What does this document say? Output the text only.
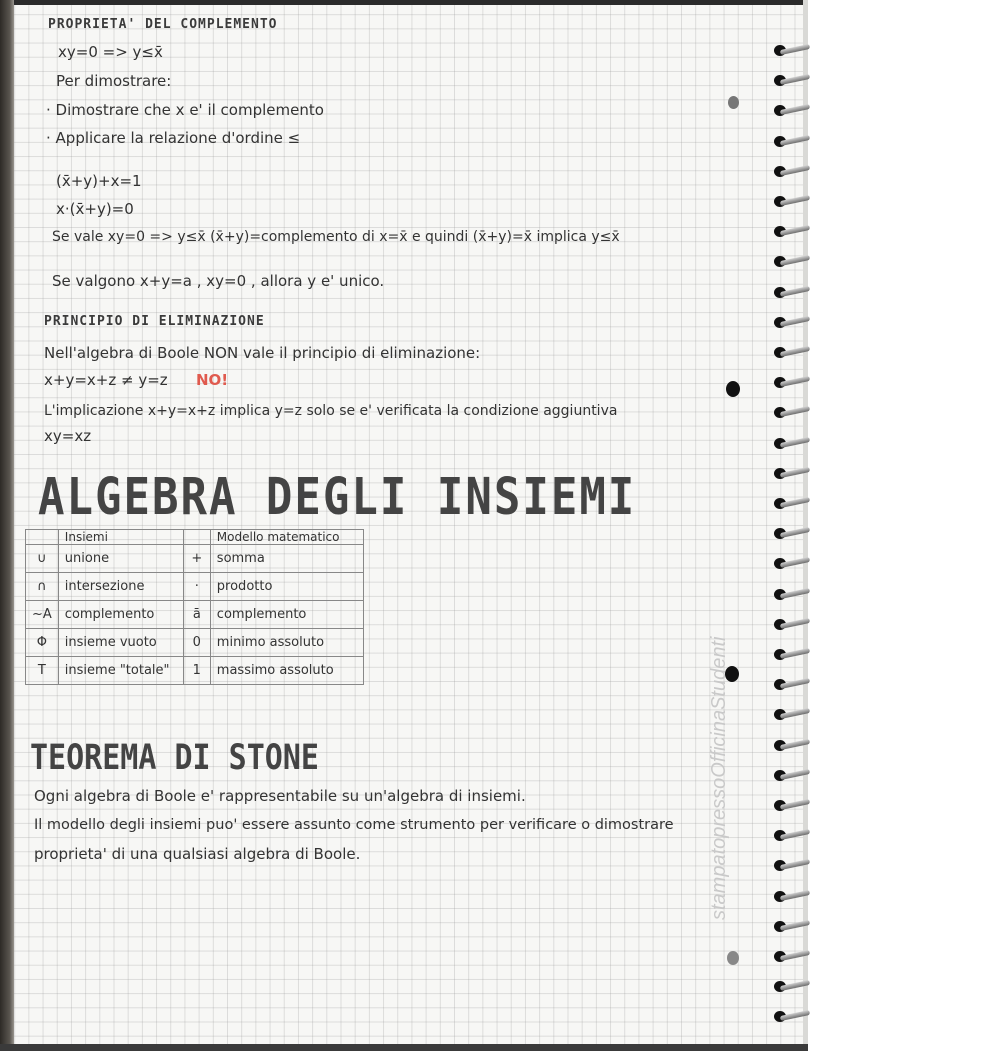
stampatopressoOfficinaStudenti
PROPRIETA' DEL COMPLEMENTO
xy=0 => y≤x̄
Per dimostrare:
· Dimostrare che x e' il complemento
· Applicare la relazione d'ordine ≤
(x̄+y)+x=1
x·(x̄+y)=0
Se vale xy=0 => y≤x̄ (x̄+y)=complemento di x=x̄ e quindi (x̄+y)=x̄ implica y≤x̄
Se valgono x+y=a , xy=0 , allora y e' unico.
PRINCIPIO DI ELIMINAZIONE
Nell'algebra di Boole NON vale il principio di eliminazione:
x+y=x+z ≠ y=z NO!
L'implicazione x+y=x+z implica y=z solo se e' verificata la condizione aggiuntiva
xy=xz
ALGEBRA DEGLI INSIEMI
	Insiemi		Modello matematico
∪	unione	+	somma
∩	intersezione	·	prodotto
~A	complemento	ā	complemento
Φ	insieme vuoto	0	minimo assoluto
T	insieme "totale"	1	massimo assoluto
TEOREMA DI STONE
Ogni algebra di Boole e' rappresentabile su un'algebra di insiemi.
Il modello degli insiemi puo' essere assunto come strumento per verificare o dimostrare
proprieta' di una qualsiasi algebra di Boole.
